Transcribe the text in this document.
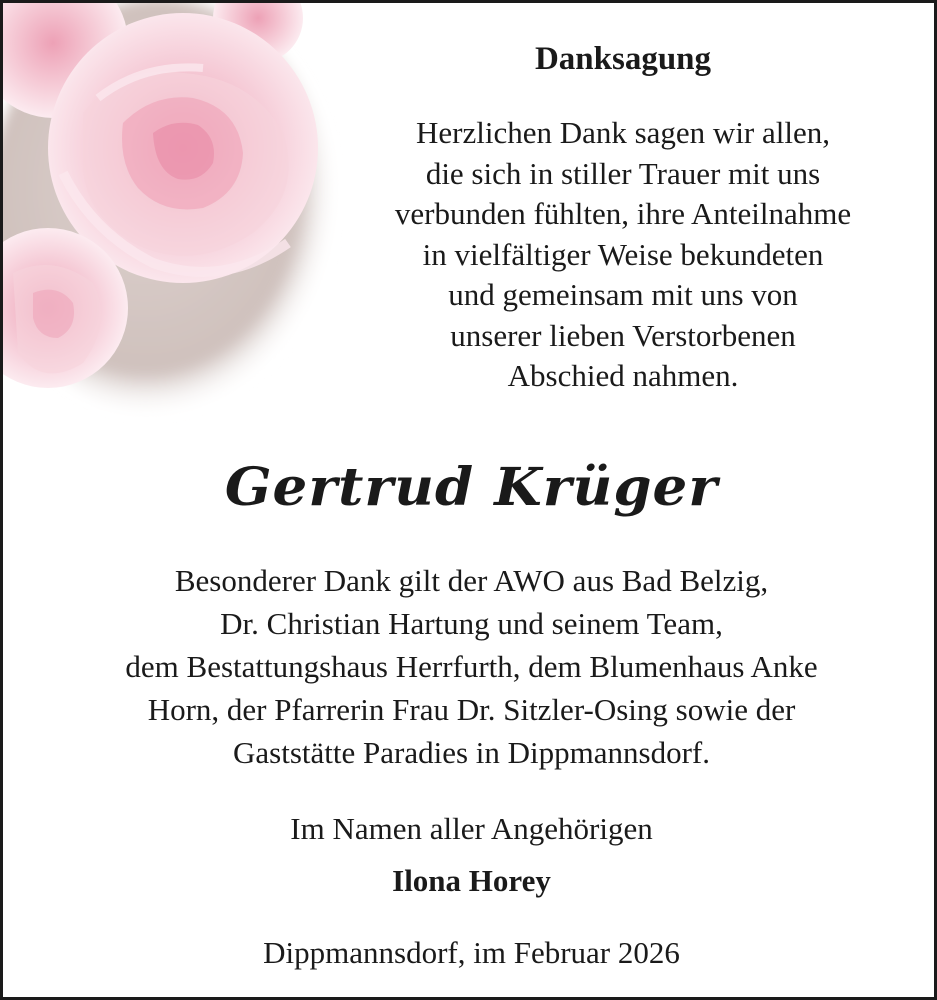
Danksagung
Herzlichen Dank sagen wir allen,
die sich in stiller Trauer mit uns
verbunden fühlten, ihre Anteilnahme
in vielfältiger Weise bekundeten
und gemeinsam mit uns von
unserer lieben Verstorbenen
Abschied nahmen.
Gertrud Krüger
Besonderer Dank gilt der AWO aus Bad Belzig,
Dr. Christian Hartung und seinem Team,
dem Bestattungshaus Herrfurth, dem Blumenhaus Anke
Horn, der Pfarrerin Frau Dr. Sitzler-Osing sowie der
Gaststätte Paradies in Dippmannsdorf.
Im Namen aller Angehörigen
Ilona Horey
Dippmannsdorf, im Februar 2026
